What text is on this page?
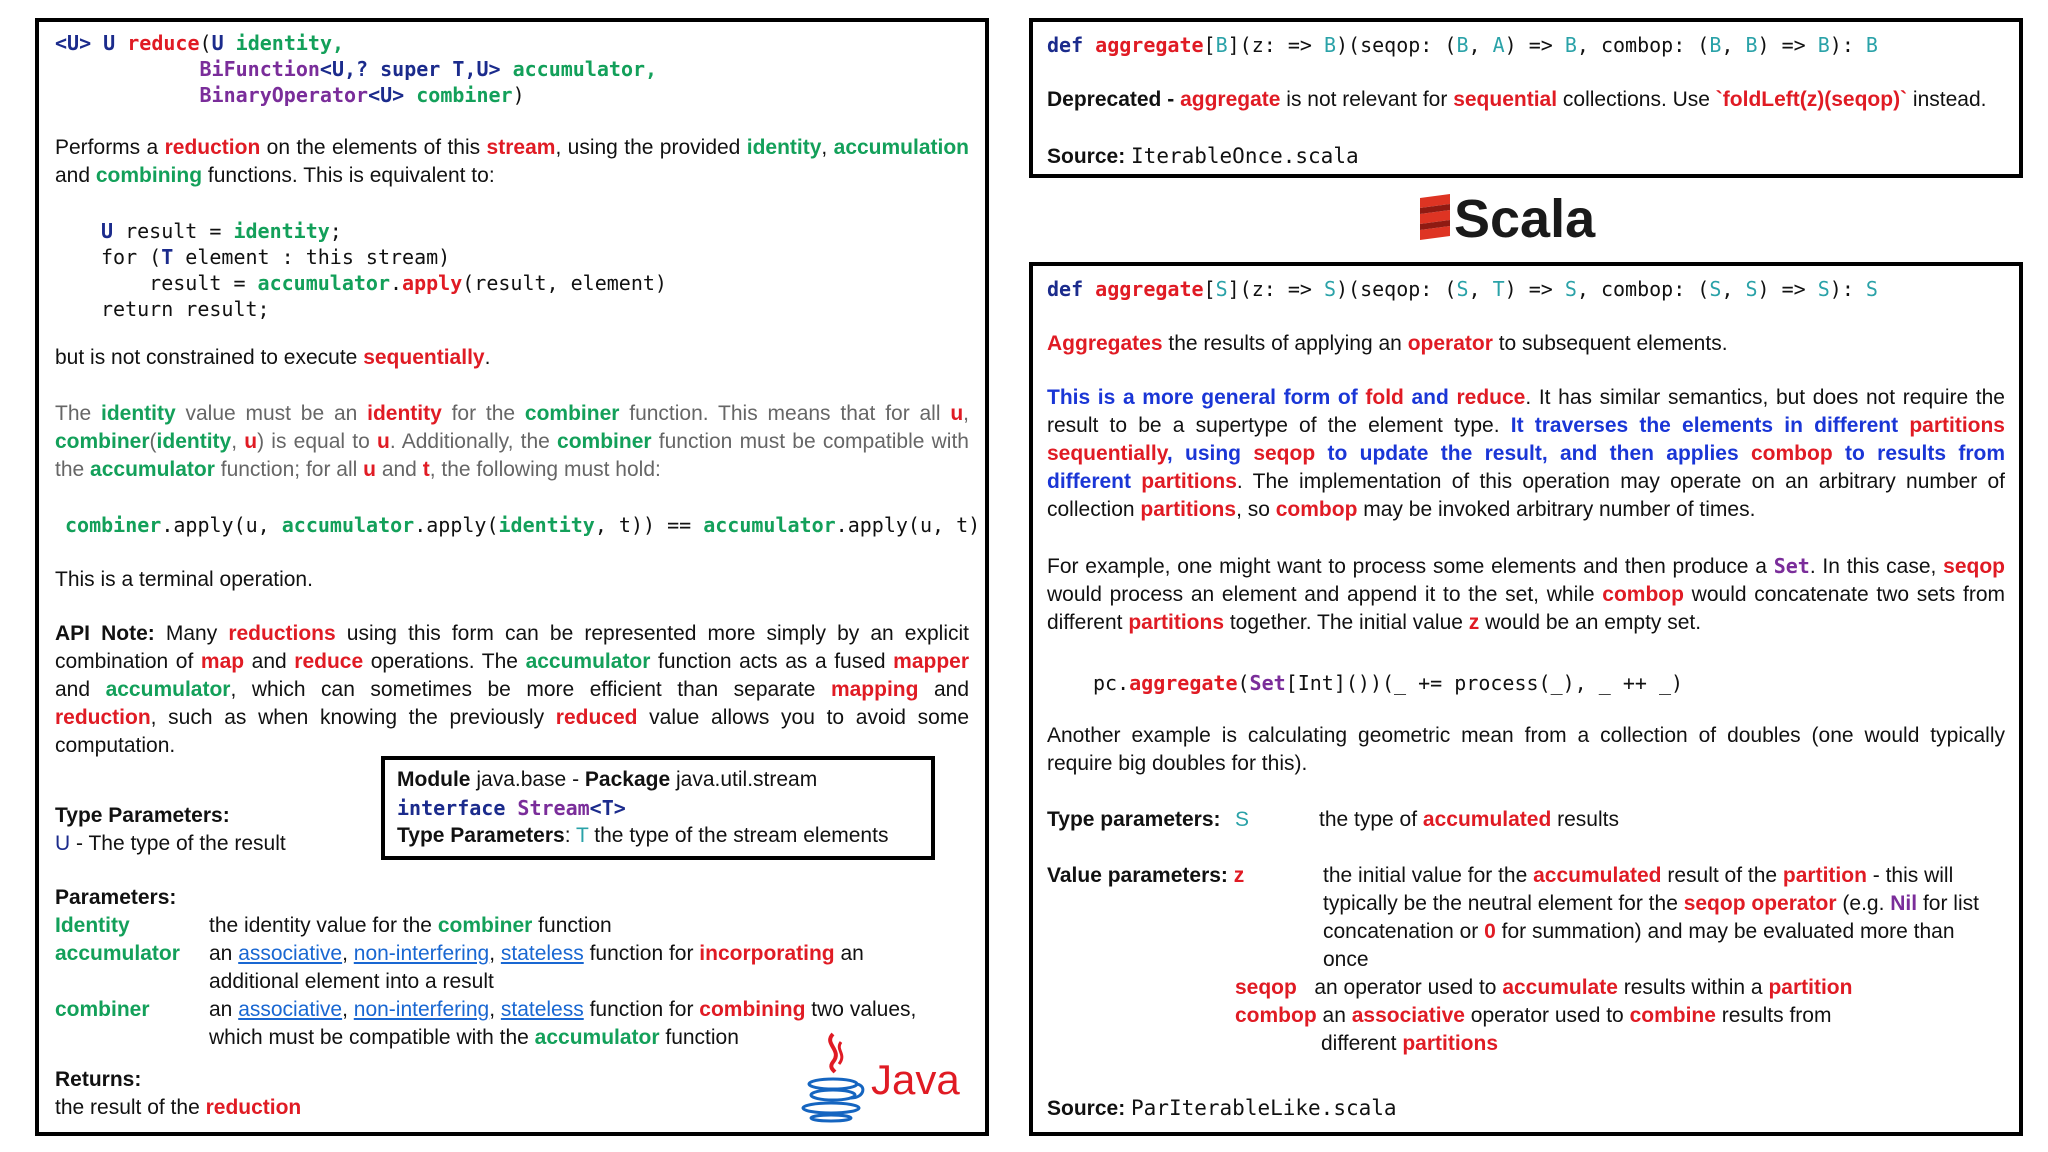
<U> U reduce(U identity,
BiFunction<U,? super T,U> accumulator,
BinaryOperator<U> combiner)
Performs a reduction on the elements of this stream, using the provided identity, accumulation and combining functions. This is equivalent to:
U result = identity;
for (T element : this stream)
result = accumulator.apply(result, element)
return result;
but is not constrained to execute sequentially.
The identity value must be an identity for the combiner function. This means that for all u, combiner(identity, u) is equal to u. Additionally, the combiner function must be compatible with the accumulator function; for all u and t, the following must hold:
combiner.apply(u, accumulator.apply(identity, t)) == accumulator.apply(u, t)
This is a terminal operation.
API Note: Many reductions using this form can be represented more simply by an explicit combination of map and reduce operations. The accumulator function acts as a fused mapper and accumulator, which can sometimes be more efficient than separate mapping and reduction, such as when knowing the previously reduced value allows you to avoid some computation.
Type Parameters:
U - The type of the result
Module java.base - Package java.util.stream
interface Stream<T>
Type Parameters: T the type of the stream elements
Parameters:
Identity	the identity value for the combiner function
accumulator an associative, non-interfering, stateless function for incorporating an additional element into a result
combiner	an associative, non-interfering, stateless function for combining two values, which must be compatible with the accumulator function
Returns:
the result of the reduction
Java
def aggregate[B](z: => B)(seqop: (B, A) => B, combop: (B, B) => B): B
Deprecated - aggregate is not relevant for sequential collections. Use `foldLeft(z)(seqop)` instead.
Source: IterableOnce.scala
Scala
def aggregate[S](z: => S)(seqop: (S, T) => S, combop: (S, S) => S): S
Aggregates the results of applying an operator to subsequent elements.
This is a more general form of fold and reduce. It has similar semantics, but does not require the result to be a supertype of the element type. It traverses the elements in different partitions sequentially, using seqop to update the result, and then applies combop to results from different partitions. The implementation of this operation may operate on an arbitrary number of collection partitions, so combop may be invoked arbitrary number of times.
For example, one might want to process some elements and then produce a Set. In this case, seqop would process an element and append it to the set, while combop would concatenate two sets from different partitions together. The initial value z would be an empty set.
pc.aggregate(Set[Int]())(_ += process(_), _ ++ _)
Another example is calculating geometric mean from a collection of doubles (one would typically require big doubles for this).
Type parameters: S	the type of accumulated results
Value parameters: z	the initial value for the accumulated result of the partition - this will typically be the neutral element for the seqop operator (e.g. Nil for list concatenation or 0 for summation) and may be evaluated more than once
seqop an operator used to accumulate results within a partition
combop an associative operator used to combine results from
different partitions
Source: ParIterableLike.scala
